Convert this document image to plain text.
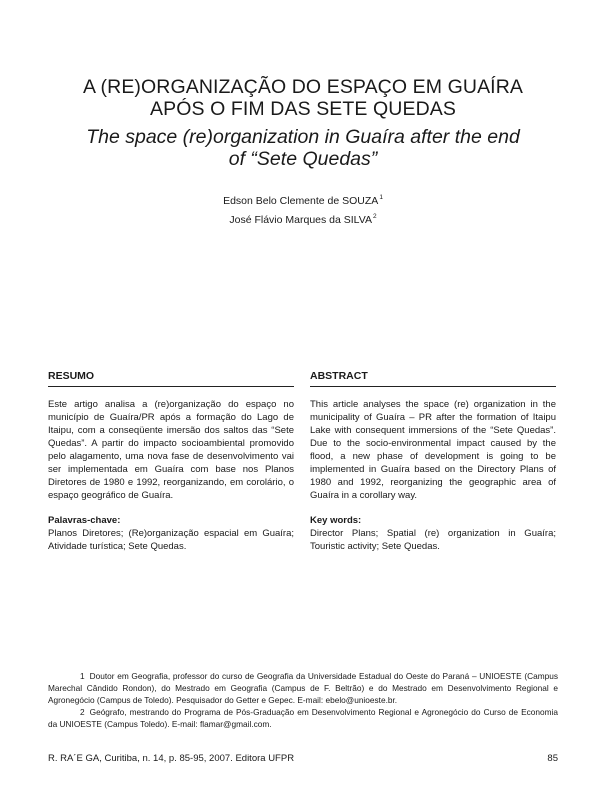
A (RE)ORGANIZAÇÃO DO ESPAÇO EM GUAÍRA
APÓS O FIM DAS SETE QUEDAS
The space (re)organization in Guaíra after the end
of “Sete Quedas”
Edson Belo Clemente de SOUZA$^1$
José Flávio Marques da SILVA$^2$
RESUMO
Este artigo analisa a (re)organização do espaço no município de Guaíra/PR após a formação do Lago de Itaipu, com a conseqüente imersão dos saltos das “Sete Quedas”. A partir do impacto socioambiental promovido pelo alagamento, uma nova fase de desenvolvimento vai ser implementada em Guaíra com base nos Planos Diretores de 1980 e 1992, reorganizando, em corolário, o espaço geográfico de Guaíra.
Palavras-chave:
Planos Diretores; (Re)organização espacial em Guaíra; Atividade turística; Sete Quedas.
ABSTRACT
This article analyses the space (re) organization in the municipality of Guaíra – PR after the formation of Itaipu Lake with consequent immersions of the “Sete Quedas”. Due to the socio-environmental impact caused by the flood, a new phase of development is going to be implemented in Guaíra based on the Directory Plans of 1980 and 1992, reorganizing the geographic area of Guaíra in a corollary way.
Key words:
Director Plans; Spatial (re) organization in Guaíra; Touristic activity; Sete Quedas.
1 Doutor em Geografia, professor do curso de Geografia da Universidade Estadual do Oeste do Paraná – UNIOESTE (Campus Marechal Cândido Rondon), do Mestrado em Geografia (Campus de F. Beltrão) e do Mestrado em Desenvolvimento Regional e Agronegócio (Campus de Toledo). Pesquisador do Getter e Gepec. E-mail: ebelo@unioeste.br.
2 Geógrafo, mestrando do Programa de Pós-Graduação em Desenvolvimento Regional e Agronegócio do Curso de Economia da UNIOESTE (Campus Toledo). E-mail: flamar@gmail.com.
R. RA´E GA, Curitiba, n. 14, p. 85-95, 2007. Editora UFPR	85
